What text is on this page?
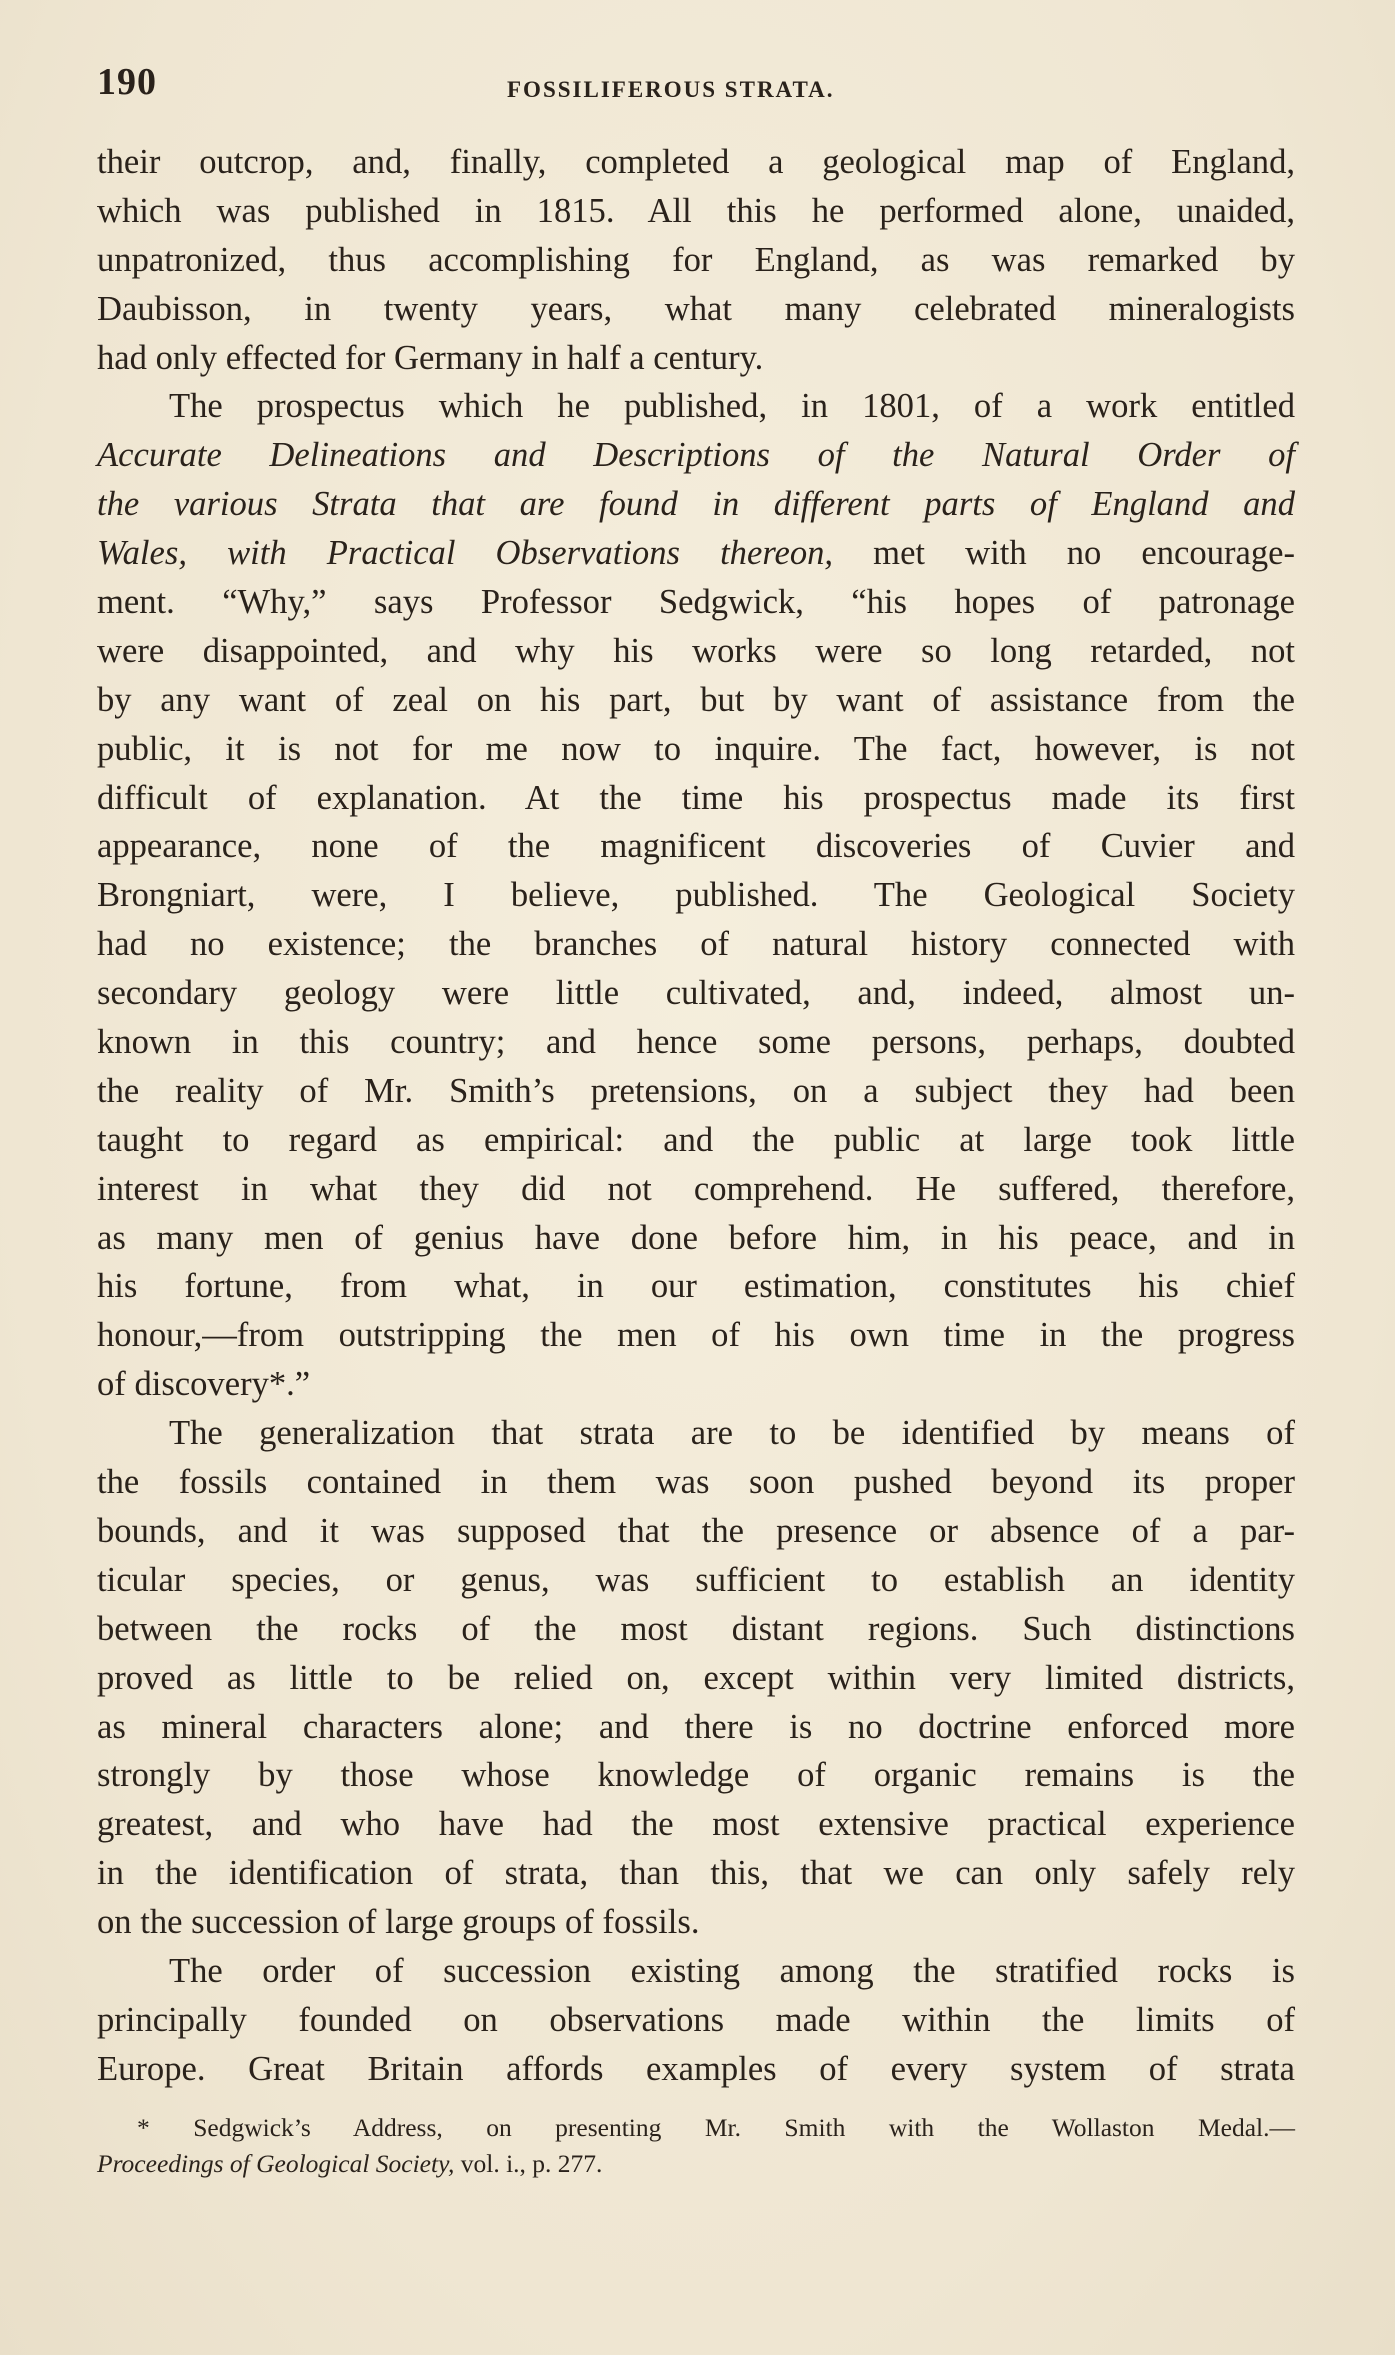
190	FOSSILIFEROUS STRATA.
their outcrop, and, finally, completed a geological map of England,
which was published in 1815. All this he performed alone, unaided,
unpatronized, thus accomplishing for England, as was remarked by
Daubisson, in twenty years, what many celebrated mineralogists
had only effected for Germany in half a century.
The prospectus which he published, in 1801, of a work entitled
Accurate Delineations and Descriptions of the Natural Order of
the various Strata that are found in different parts of England and
Wales, with Practical Observations thereon, met with no encourage-
ment. “Why,” says Professor Sedgwick, “his hopes of patronage
were disappointed, and why his works were so long retarded, not
by any want of zeal on his part, but by want of assistance from the
public, it is not for me now to inquire. The fact, however, is not
difficult of explanation. At the time his prospectus made its first
appearance, none of the magnificent discoveries of Cuvier and
Brongniart, were, I believe, published. The Geological Society
had no existence; the branches of natural history connected with
secondary geology were little cultivated, and, indeed, almost un-
known in this country; and hence some persons, perhaps, doubted
the reality of Mr. Smith’s pretensions, on a subject they had been
taught to regard as empirical: and the public at large took little
interest in what they did not comprehend. He suffered, therefore,
as many men of genius have done before him, in his peace, and in
his fortune, from what, in our estimation, constitutes his chief
honour,—from outstripping the men of his own time in the progress
of discovery*.”
The generalization that strata are to be identified by means of
the fossils contained in them was soon pushed beyond its proper
bounds, and it was supposed that the presence or absence of a par-
ticular species, or genus, was sufficient to establish an identity
between the rocks of the most distant regions. Such distinctions
proved as little to be relied on, except within very limited districts,
as mineral characters alone; and there is no doctrine enforced more
strongly by those whose knowledge of organic remains is the
greatest, and who have had the most extensive practical experience
in the identification of strata, than this, that we can only safely rely
on the succession of large groups of fossils.
The order of succession existing among the stratified rocks is
principally founded on observations made within the limits of
Europe. Great Britain affords examples of every system of strata
* Sedgwick’s Address, on presenting Mr. Smith with the Wollaston Medal.—
Proceedings of Geological Society, vol. i., p. 277.
